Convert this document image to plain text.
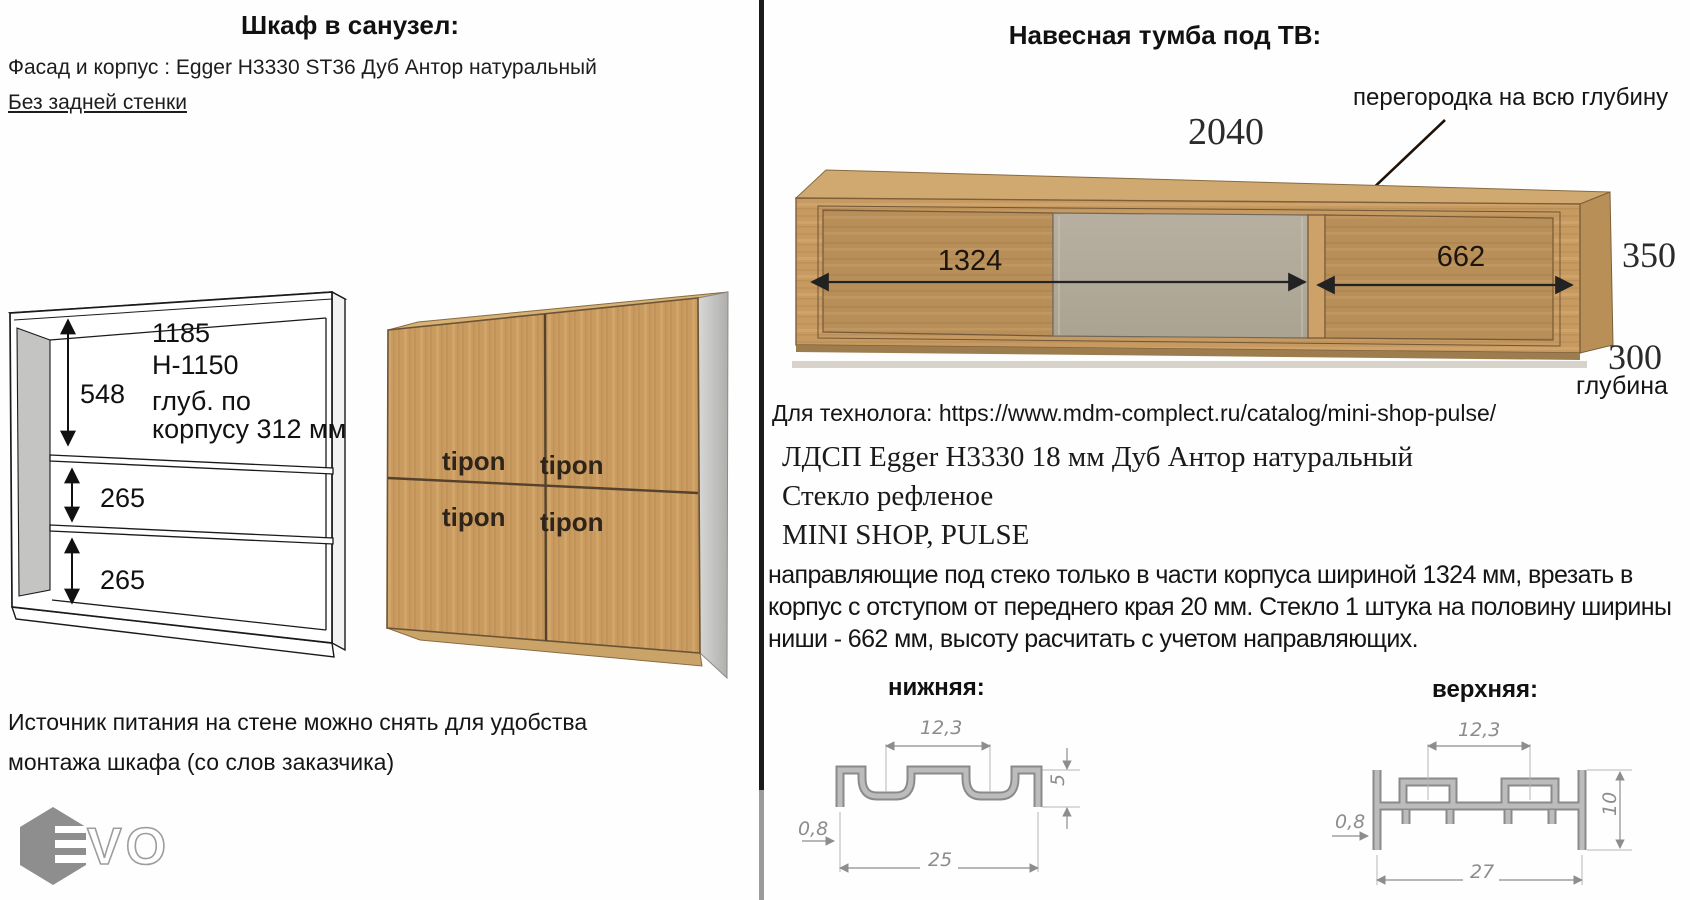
Шкаф в санузел:
Фасад и корпус : Egger H3330 ST36 Дуб Антор натуральный
Без задней стенки
548
265
265
1185
H-1150
глуб. по
корпусу 312 мм
tipon tipon
tipon tipon
Источник питания на стене можно снять для удобства монтажа шкафа (со слов заказчика)
VO
Навесная тумба под ТВ:
перегородка на всю глубину
2040
1324	662	350
300
глубина
Для технолога: https://www.mdm-complect.ru/catalog/mini-shop-pulse/
ЛДСП Egger H3330 18 мм Дуб Антор натуральный
Стекло рефленое
MINI SHOP, PULSE
направляющие под стеко только в части корпуса шириной 1324 мм, врезать в корпус с отступом от переднего края 20 мм. Стекло 1 штука на половину ширины ниши - 662 мм, высоту расчитать с учетом направляющих.
нижняя:
12,3
5
0,8
25
верхняя:
12,3
0,8
10
27
